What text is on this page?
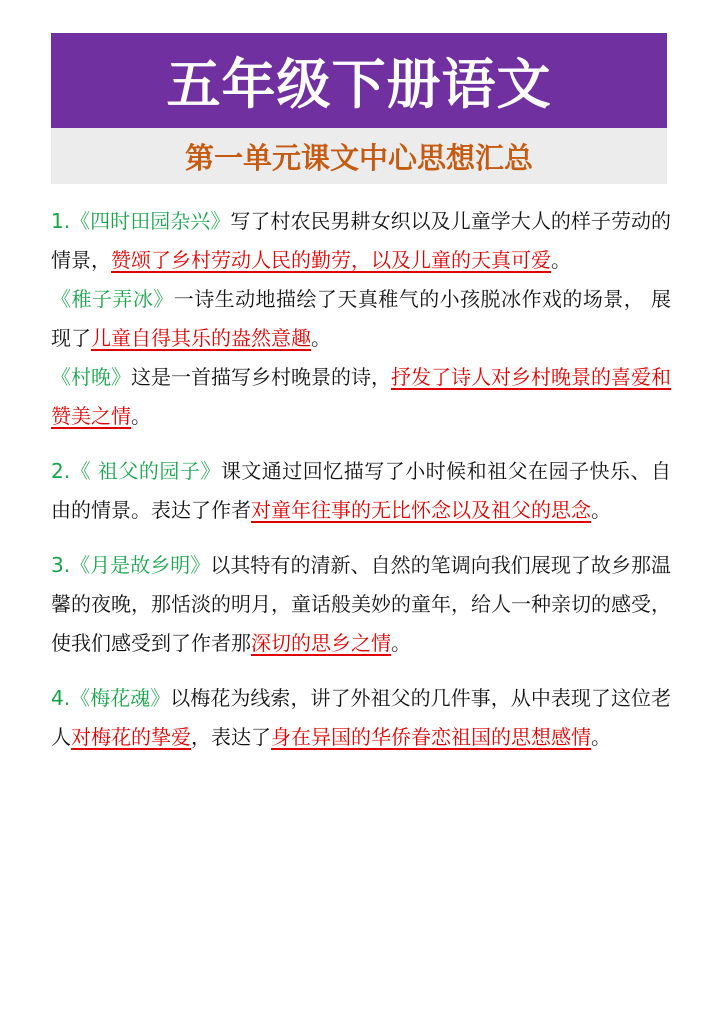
五年级下册语文
第一单元课文中心思想汇总

1.《四时田园杂兴》写了村农民男耕女织以及儿童学大人的样子劳动的情景，赞颂了乡村劳动人民的勤劳，以及儿童的天真可爱。

《稚子弄冰》一诗生动地描绘了天真稚气的小孩脱冰作戏的场景， 展现了儿童自得其乐的盎然意趣。

《村晚》这是一首描写乡村晚景的诗，抒发了诗人对乡村晚景的喜爱和赞美之情。

2.《 祖父的园子》课文通过回忆描写了小时候和祖父在园子快乐、自由的情景。表达了作者对童年往事的无比怀念以及祖父的思念。

3.《月是故乡明》以其特有的清新、自然的笔调向我们展现了故乡那温馨的夜晚，那恬淡的明月，童话般美妙的童年，给人一种亲切的感受，使我们感受到了作者那深切的思乡之情。

4.《梅花魂》以梅花为线索，讲了外祖父的几件事，从中表现了这位老人对梅花的挚爱，表达了身在异国的华侨眷恋祖国的思想感情。
